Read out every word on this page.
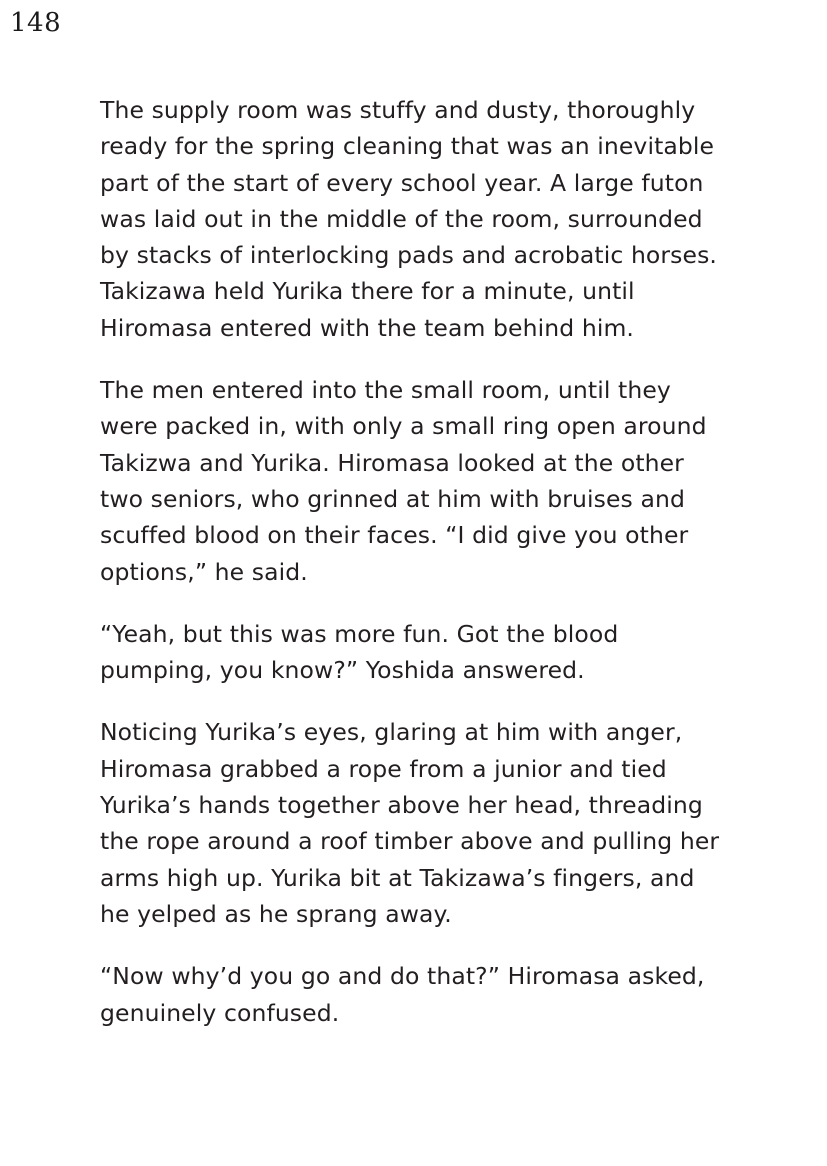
148

The supply room was stuffy and dusty, thoroughly ready for the spring cleaning that was an inevitable part of the start of every school year. A large futon was laid out in the middle of the room, surrounded by stacks of interlocking pads and acrobatic horses. Takizawa held Yurika there for a minute, until Hiromasa entered with the team behind him.

The men entered into the small room, until they were packed in, with only a small ring open around Takizwa and Yurika. Hiromasa looked at the other two seniors, who grinned at him with bruises and scuffed blood on their faces. “I did give you other options,” he said.

“Yeah, but this was more fun. Got the blood pumping, you know?” Yoshida answered.

Noticing Yurika’s eyes, glaring at him with anger, Hiromasa grabbed a rope from a junior and tied Yurika’s hands together above her head, threading the rope around a roof timber above and pulling her arms high up. Yurika bit at Takizawa’s fingers, and he yelped as he sprang away.

“Now why’d you go and do that?” Hiromasa asked, genuinely confused.
